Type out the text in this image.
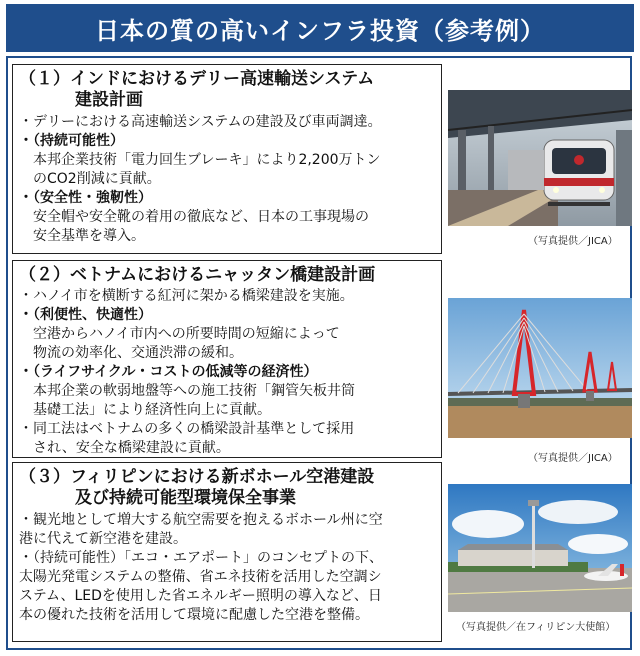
日本の質の高いインフラ投資（参考例）
（１）インドにおけるデリー高速輸送システム
建設計画
・デリーにおける高速輸送システムの建設及び車両調達。
・（持続可能性）
本邦企業技術「電力回生ブレーキ」により2,200万トン
のCO2削減に貢献。
・（安全性・強靭性）
安全帽や安全靴の着用の徹底など、日本の工事現場の
安全基準を導入。
（２）ベトナムにおけるニャッタン橋建設計画
・ハノイ市を横断する紅河に架かる橋梁建設を実施。
・（利便性、快適性）
空港からハノイ市内への所要時間の短縮によって
物流の効率化、交通渋滞の緩和。
・（ライフサイクル・コストの低減等の経済性）
本邦企業の軟弱地盤等への施工技術「鋼管矢板井筒
基礎工法」により経済性向上に貢献。
・同工法はベトナムの多くの橋梁設計基準として採用
され、安全な橋梁建設に貢献。
（３）フィリピンにおける新ボホール空港建設
及び持続可能型環境保全事業
・観光地として増大する航空需要を抱えるボホール州に空
港に代えて新空港を建設。
・（持続可能性）「エコ・エアポート」のコンセプトの下、
太陽光発電システムの整備、省エネ技術を活用した空調シ
ステム、LEDを使用した省エネルギー照明の導入など、日
本の優れた技術を活用して環境に配慮した空港を整備。
（写真提供／JICA）
（写真提供／JICA）
（写真提供／在フィリピン大使館）
